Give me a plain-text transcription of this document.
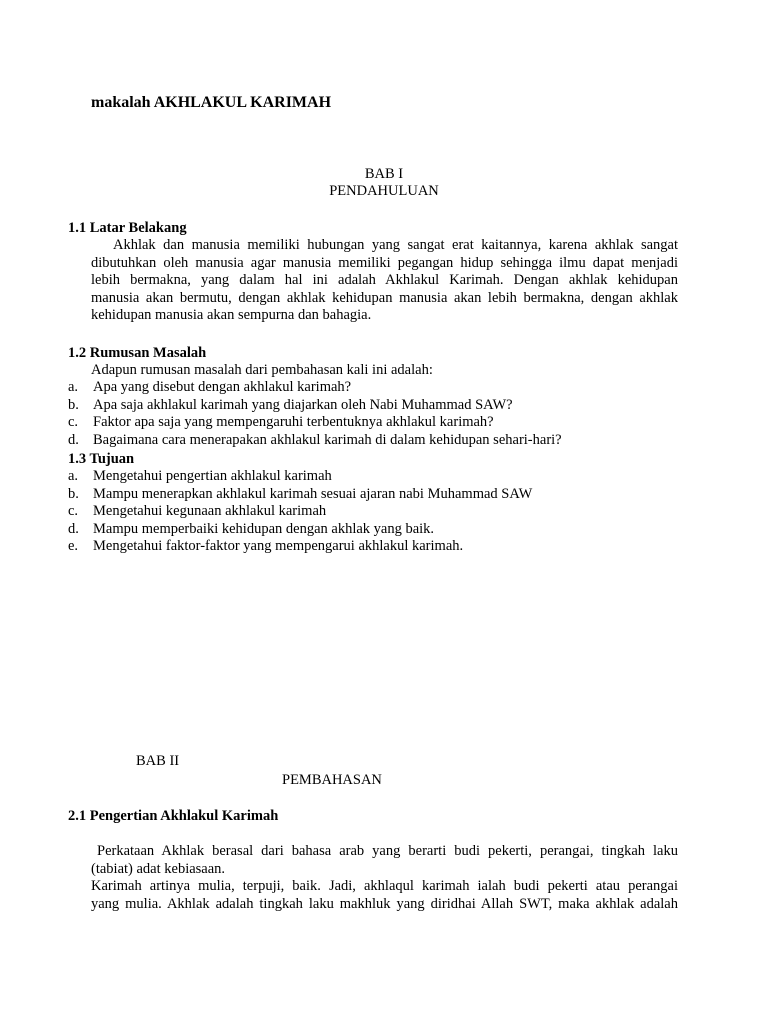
makalah AKHLAKUL KARIMAH
BAB I
PENDAHULUAN
1.1 Latar Belakang
Akhlak dan manusia memiliki hubungan yang sangat erat kaitannya, karena akhlak sangat
dibutuhkan oleh manusia agar manusia memiliki pegangan hidup sehingga ilmu dapat menjadi
lebih bermakna, yang dalam hal ini adalah Akhlakul Karimah. Dengan akhlak kehidupan
manusia akan bermutu, dengan akhlak kehidupan manusia akan lebih bermakna, dengan akhlak
kehidupan manusia akan sempurna dan bahagia.
1.2 Rumusan Masalah
Adapun rumusan masalah dari pembahasan kali ini adalah:
a. Apa yang disebut dengan akhlakul karimah?
b. Apa saja akhlakul karimah yang diajarkan oleh Nabi Muhammad SAW?
c. Faktor apa saja yang mempengaruhi terbentuknya akhlakul karimah?
d. Bagaimana cara menerapakan akhlakul karimah di dalam kehidupan sehari-hari?
1.3 Tujuan
a. Mengetahui pengertian akhlakul karimah
b. Mampu menerapkan akhlakul karimah sesuai ajaran nabi Muhammad SAW
c. Mengetahui kegunaan akhlakul karimah
d. Mampu memperbaiki kehidupan dengan akhlak yang baik.
e. Mengetahui faktor-faktor yang mempengarui akhlakul karimah.
BAB II
PEMBAHASAN
2.1 Pengertian Akhlakul Karimah
Perkataan Akhlak berasal dari bahasa arab yang berarti budi pekerti, perangai, tingkah laku
(tabiat) adat kebiasaan.
Karimah artinya mulia, terpuji, baik. Jadi, akhlaqul karimah ialah budi pekerti atau perangai
yang mulia. Akhlak adalah tingkah laku makhluk yang diridhai Allah SWT, maka akhlak adalah
